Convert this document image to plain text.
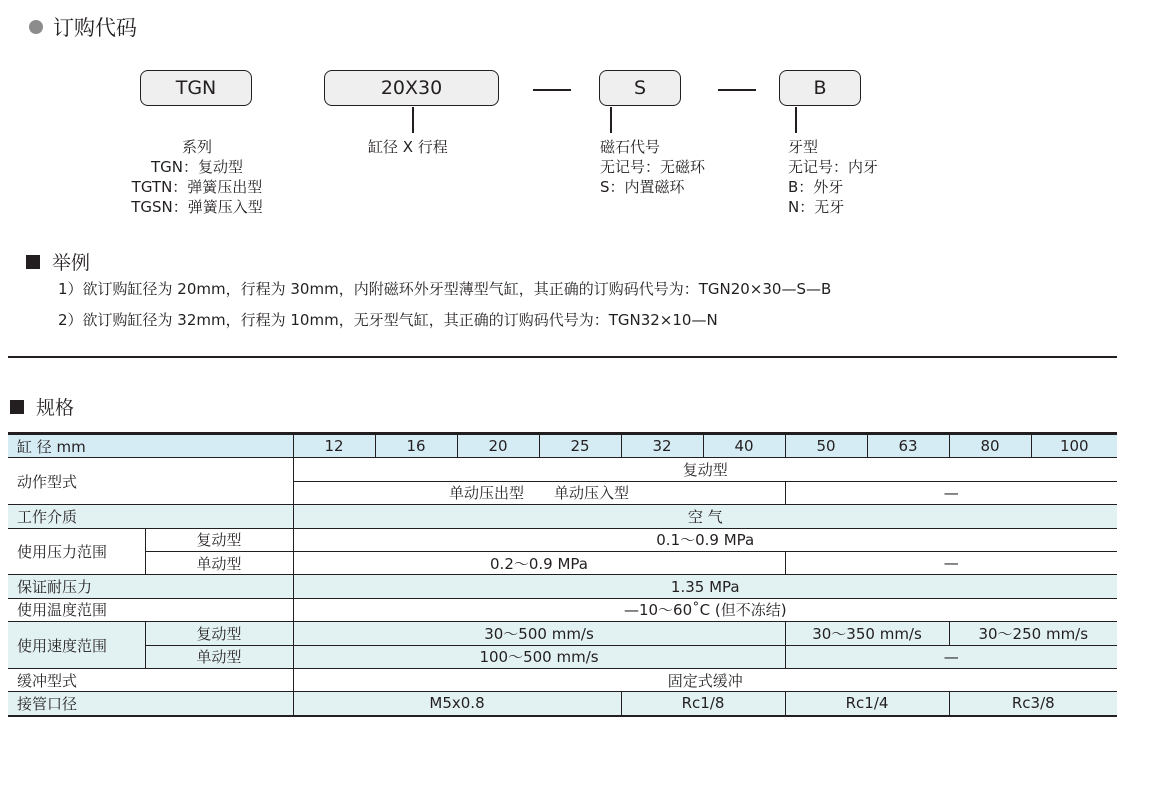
订购代码
TGN	20X30	S	B
系列
TGN：复动型
TGTN：弹簧压出型
TGSN：弹簧压入型
缸径 X 行程	磁石代号
无记号：无磁环
S：内置磁环
牙型
无记号：内牙
B：外牙
N：无牙
举例
1）欲订购缸径为 20mm，行程为 30mm，内附磁环外牙型薄型气缸，其正确的订购码代号为：TGN20×30—S—B
2）欲订购缸径为 32mm，行程为 10mm，无牙型气缸，其正确的订购码代号为：TGN32×10—N
规格
缸 径 mm		12	16	20	25	32	40	50	63	80	100
动作型式		复动型									
		单动压出型　　单动压入型						—			
工作介质		空 气									
使用压力范围	复动型	0.1～0.9 MPa									
	单动型	0.2～0.9 MPa						—			
保证耐压力		1.35 MPa									
使用温度范围		—10～60˚C (但不冻结)									
使用速度范围	复动型	30～500 mm/s						30～350 mm/s		30～250 mm/s	
	单动型	100～500 mm/s						—			
缓冲型式		固定式缓冲									
接管口径		M5x0.8				Rc1/8		Rc1/4		Rc3/8	
